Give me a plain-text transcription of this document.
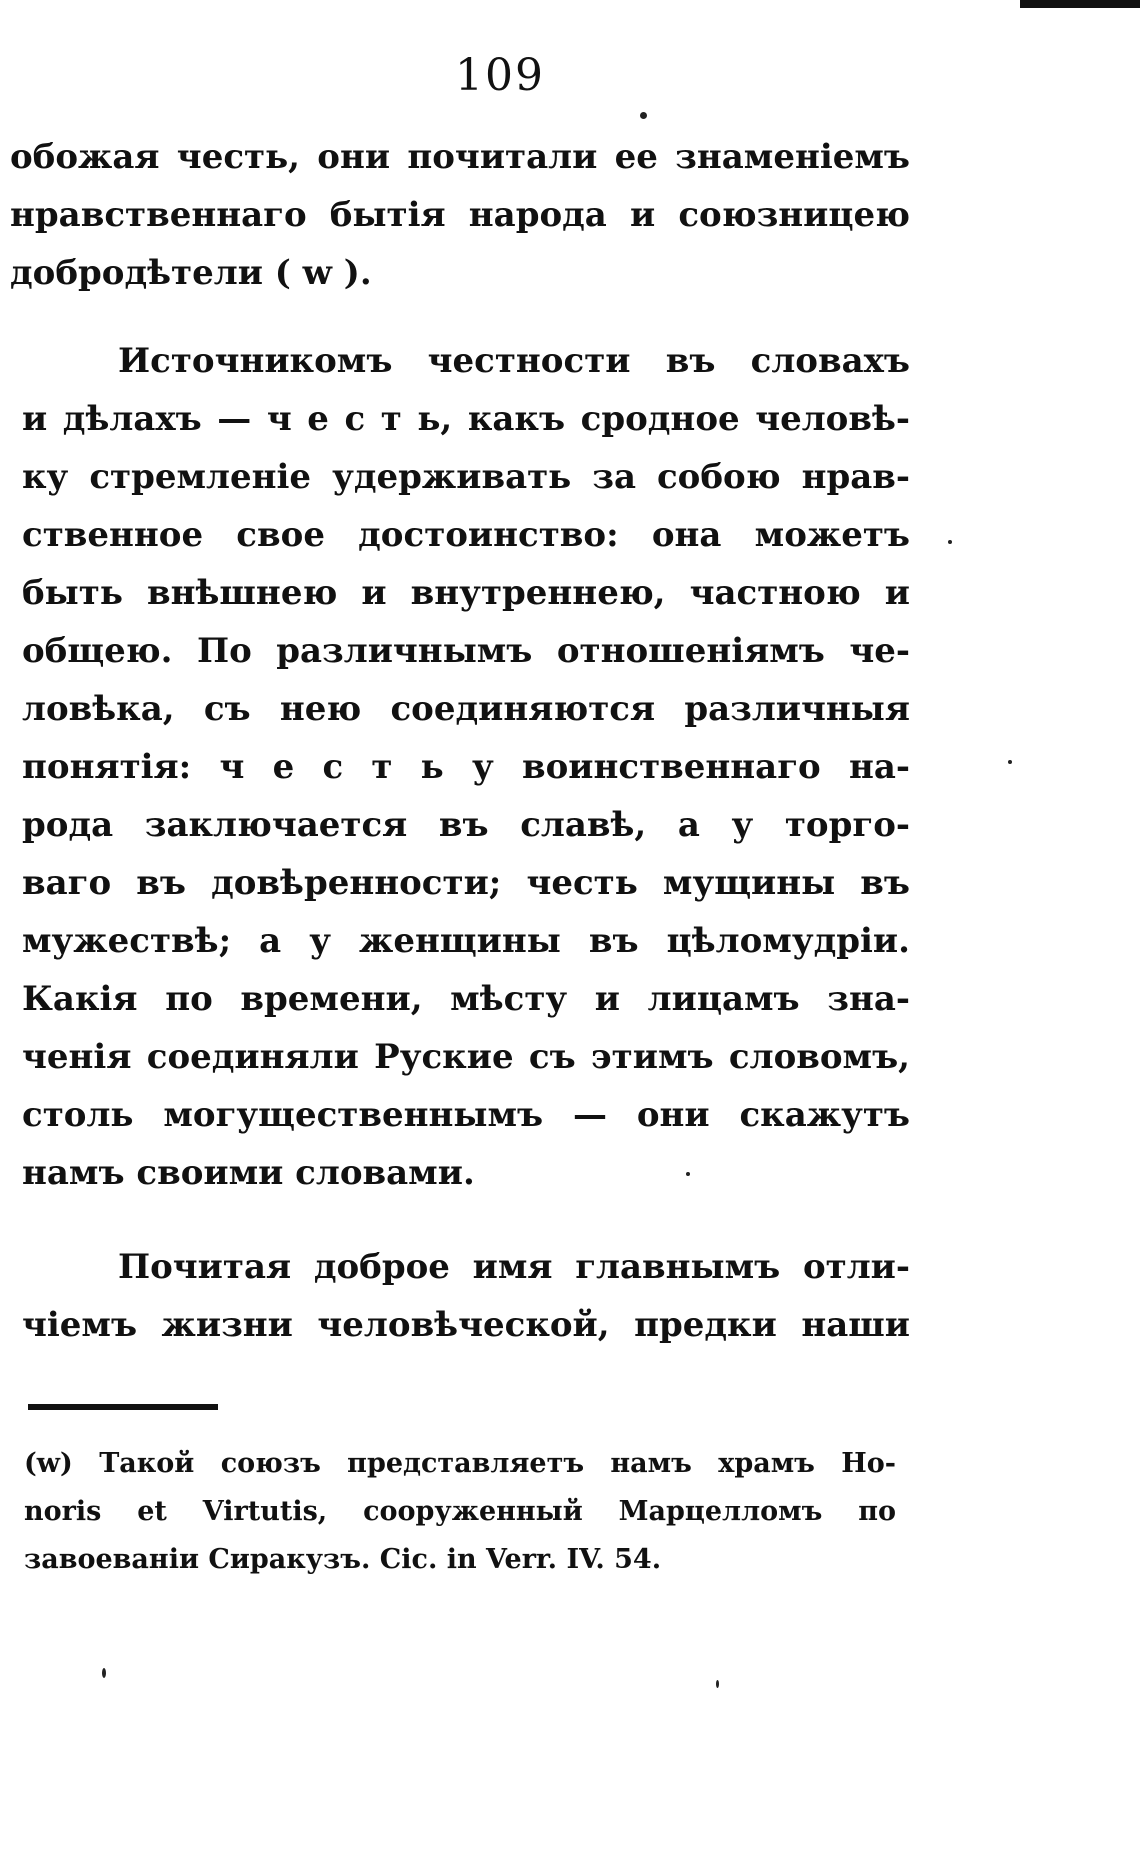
109
обожая честь, они почитали ее знаменіемъ
нравственнаго бытія народа и союзницею
добродѣтели ( w ).
Источникомъ честности въ словахъ
и дѣлахъ — ч е с т ь, какъ сродное человѣ-
ку стремленіе удерживать за собою нрав-
ственное свое достоинство: она можетъ
быть внѣшнею и внутреннею, частною и
общею. По различнымъ отношеніямъ че-
ловѣка, съ нею соединяются различныя
понятія: ч е с т ь у воинственнаго на-
рода заключается въ славѣ, а у торго-
ваго въ довѣренности; честь мущины въ
мужествѣ; а у женщины въ цѣломудріи.
Какія по времени, мѣсту и лицамъ зна-
ченія соединяли Руские съ этимъ словомъ,
столь могущественнымъ — они скажутъ
намъ своими словами.
Почитая доброе имя главнымъ отли-
чіемъ жизни человѣческой, предки наши
(w) Такой союзъ представляетъ намъ храмъ Ho-
noris et Virtutis, сооруженный Марцелломъ по
завоеваніи Сиракузъ. Cic. in Verr. IV. 54.
